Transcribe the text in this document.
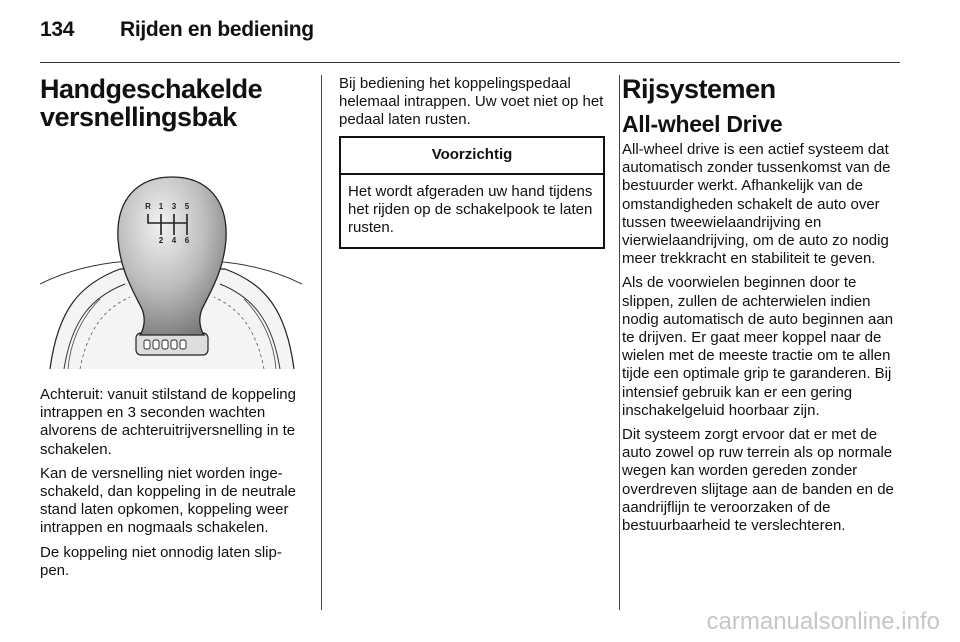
134 Rijden en bediening
Handgeschakelde versnellingsbak
R 1 3 5
2 4 6

Achteruit: vanuit stilstand de koppeling intrappen en 3 seconden wachten alvorens de achteruitrijversnelling in te schakelen.

Kan de versnelling niet worden ingeschakeld, dan koppeling in de neutrale stand laten opkomen, koppeling weer intrappen en nogmaals schakelen.

De koppeling niet onnodig laten slippen.

Bij bediening het koppelingspedaal helemaal intrappen. Uw voet niet op het pedaal laten rusten.

Voorzichtig
Het wordt afgeraden uw hand tijdens het rijden op de schakelpook te laten rusten.
Rijsystemen
All-wheel Drive

All-wheel drive is een actief systeem dat automatisch zonder tussenkomst van de bestuurder werkt. Afhankelijk van de omstandigheden schakelt de auto over tussen tweewielaandrijving en vierwielaandrijving, om de auto zo nodig meer trekkracht en stabiliteit te geven.

Als de voorwielen beginnen door te slippen, zullen de achterwielen indien nodig automatisch de auto beginnen aan te drijven. Er gaat meer koppel naar de wielen met de meeste tractie om te allen tijde een optimale grip te garanderen. Bij intensief gebruik kan er een gering inschakelgeluid hoorbaar zijn.

Dit systeem zorgt ervoor dat er met de auto zowel op ruw terrein als op normale wegen kan worden gereden zonder overdreven slijtage aan de banden en de aandrijflijn te veroorzaken of de bestuurbaarheid te verslechteren.

carmanualsonline.info
